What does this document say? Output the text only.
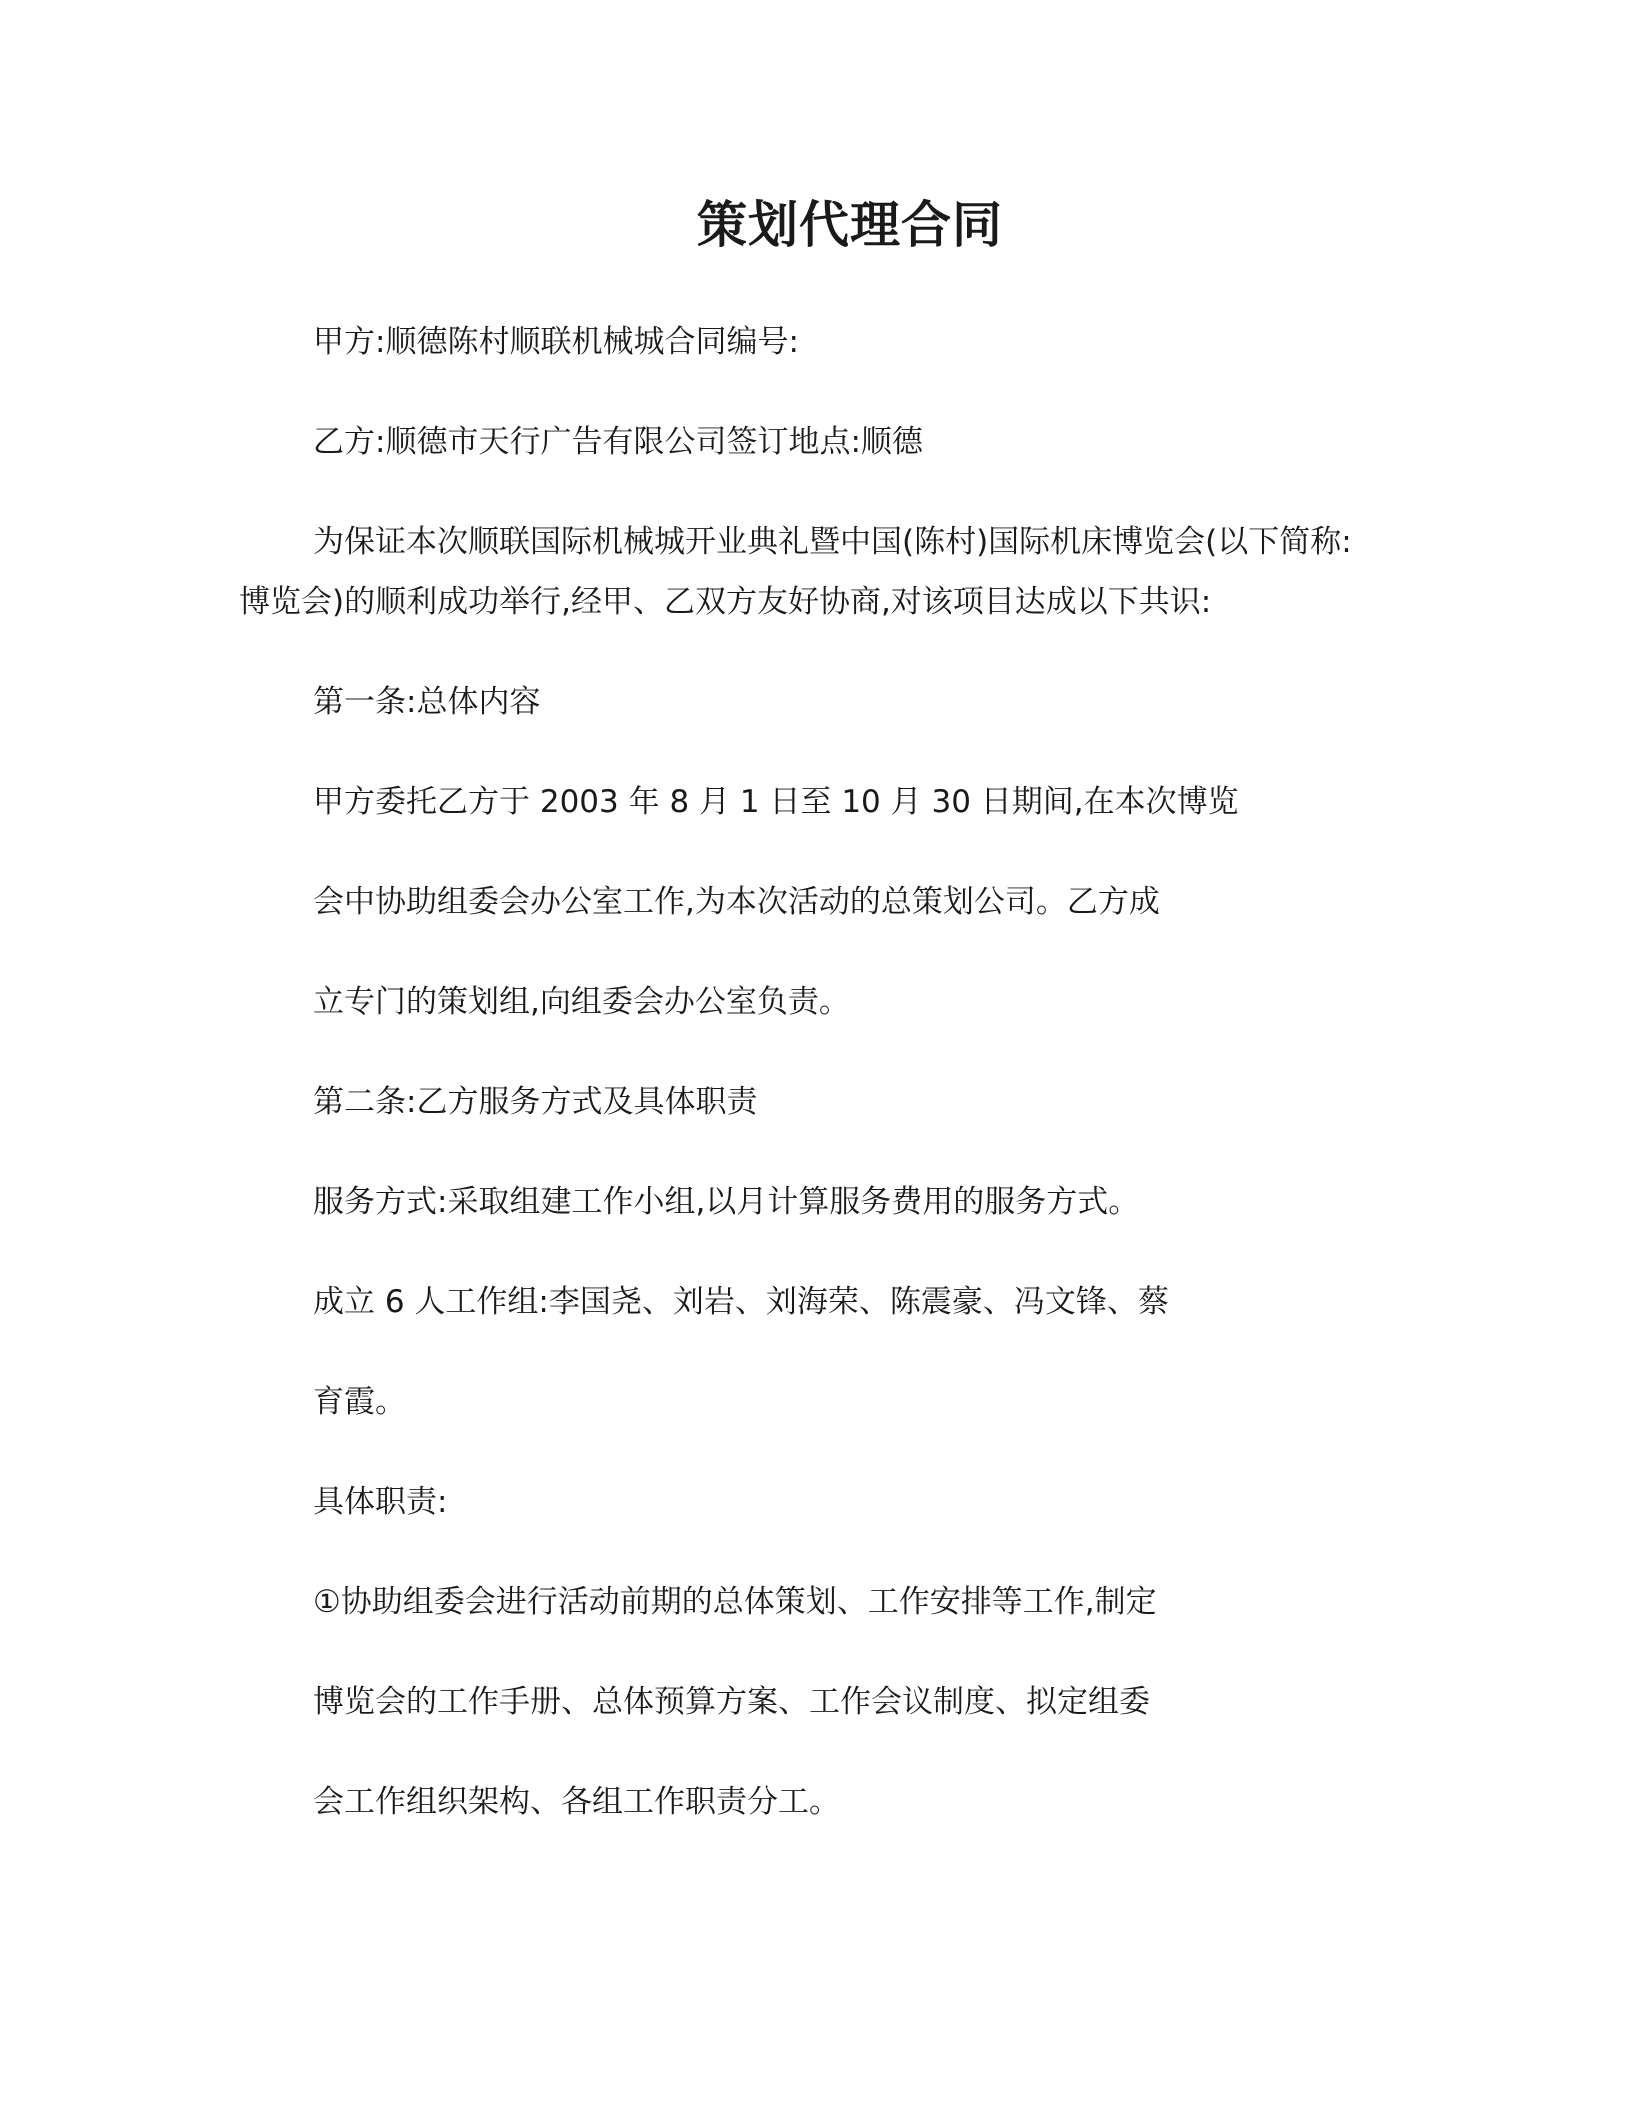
策划代理合同
甲方:顺德陈村顺联机械城合同编号:
乙方:顺德市天行广告有限公司签订地点:顺德
为保证本次顺联国际机械城开业典礼暨中国(陈村)国际机床博览会(以下简称:
博览会)的顺利成功举行,经甲、乙双方友好协商,对该项目达成以下共识:
第一条:总体内容
甲方委托乙方于 2003 年 8 月 1 日至 10 月 30 日期间,在本次博览
会中协助组委会办公室工作,为本次活动的总策划公司。乙方成
立专门的策划组,向组委会办公室负责。
第二条:乙方服务方式及具体职责
服务方式:采取组建工作小组,以月计算服务费用的服务方式。
成立 6 人工作组:李国尧、刘岩、刘海荣、陈震豪、冯文锋、蔡
育霞。
具体职责:
①协助组委会进行活动前期的总体策划、工作安排等工作,制定
博览会的工作手册、总体预算方案、工作会议制度、拟定组委
会工作组织架构、各组工作职责分工。
